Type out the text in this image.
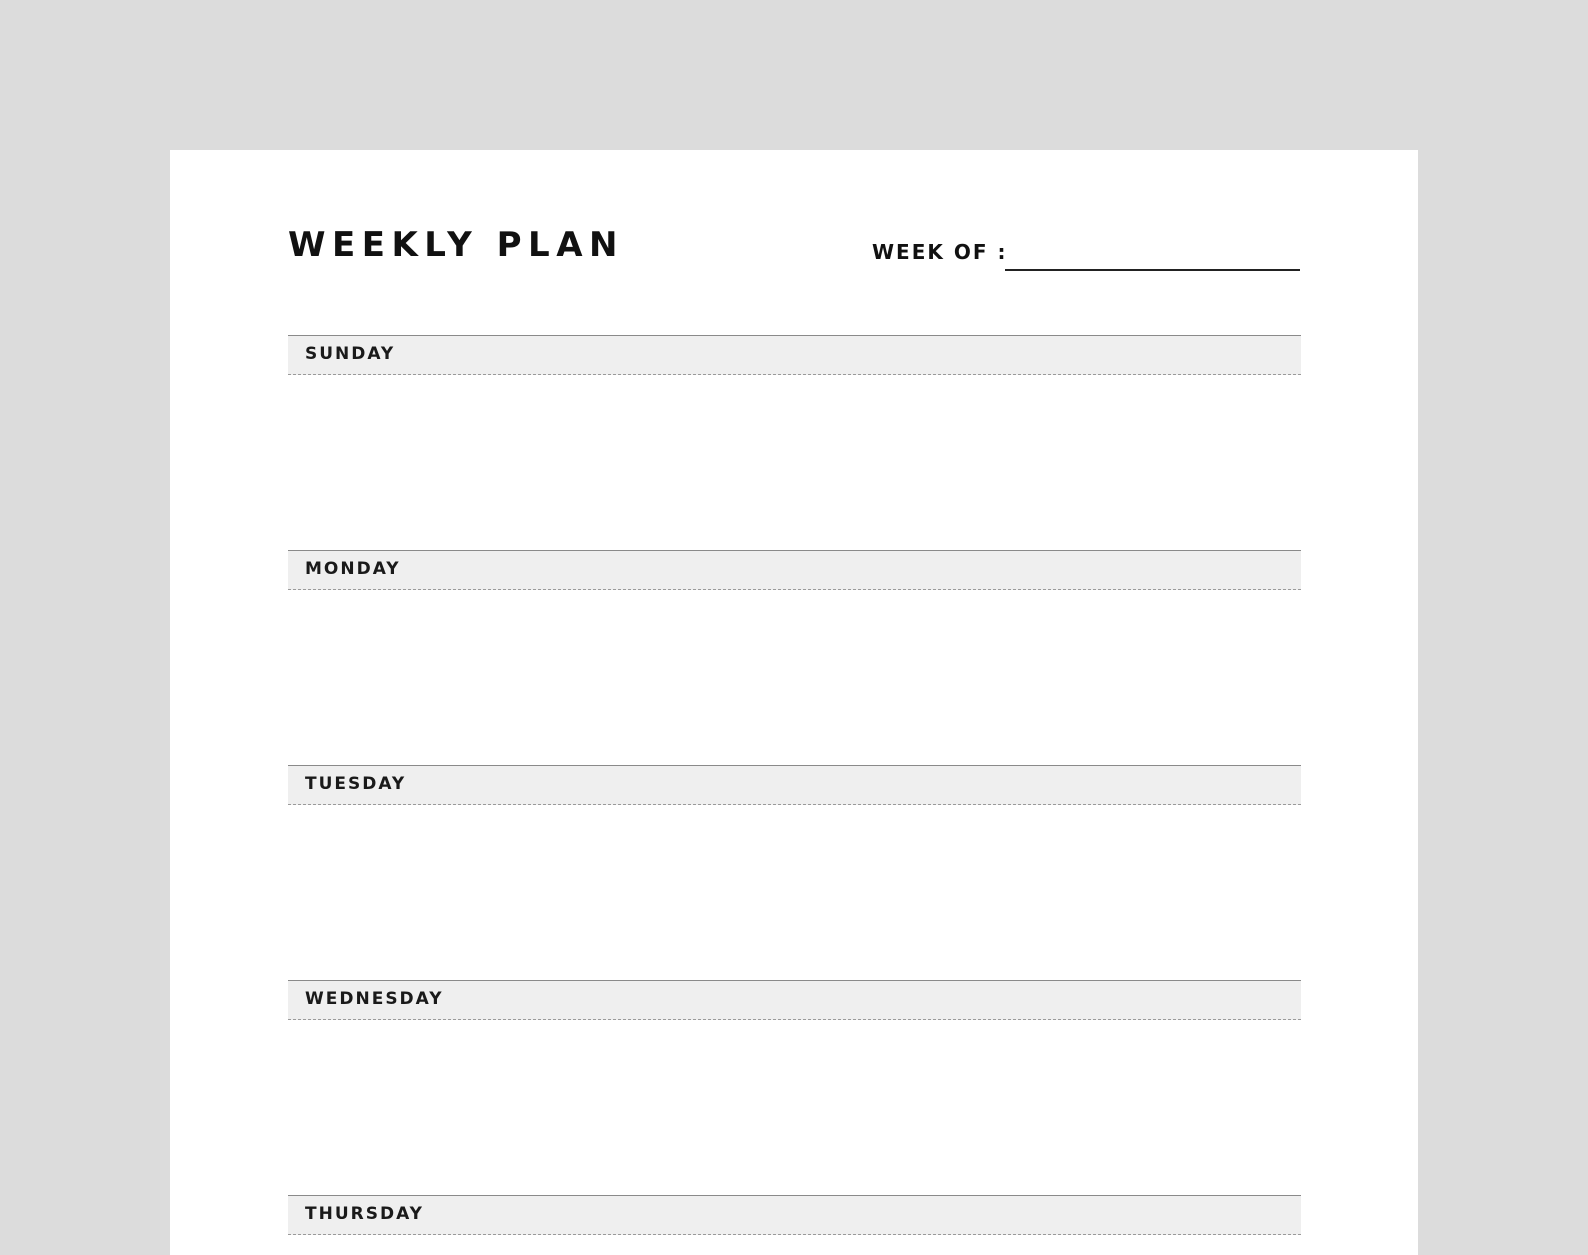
WEEKLY PLAN	WEEK OF :
SUNDAY
MONDAY
TUESDAY
WEDNESDAY
THURSDAY
